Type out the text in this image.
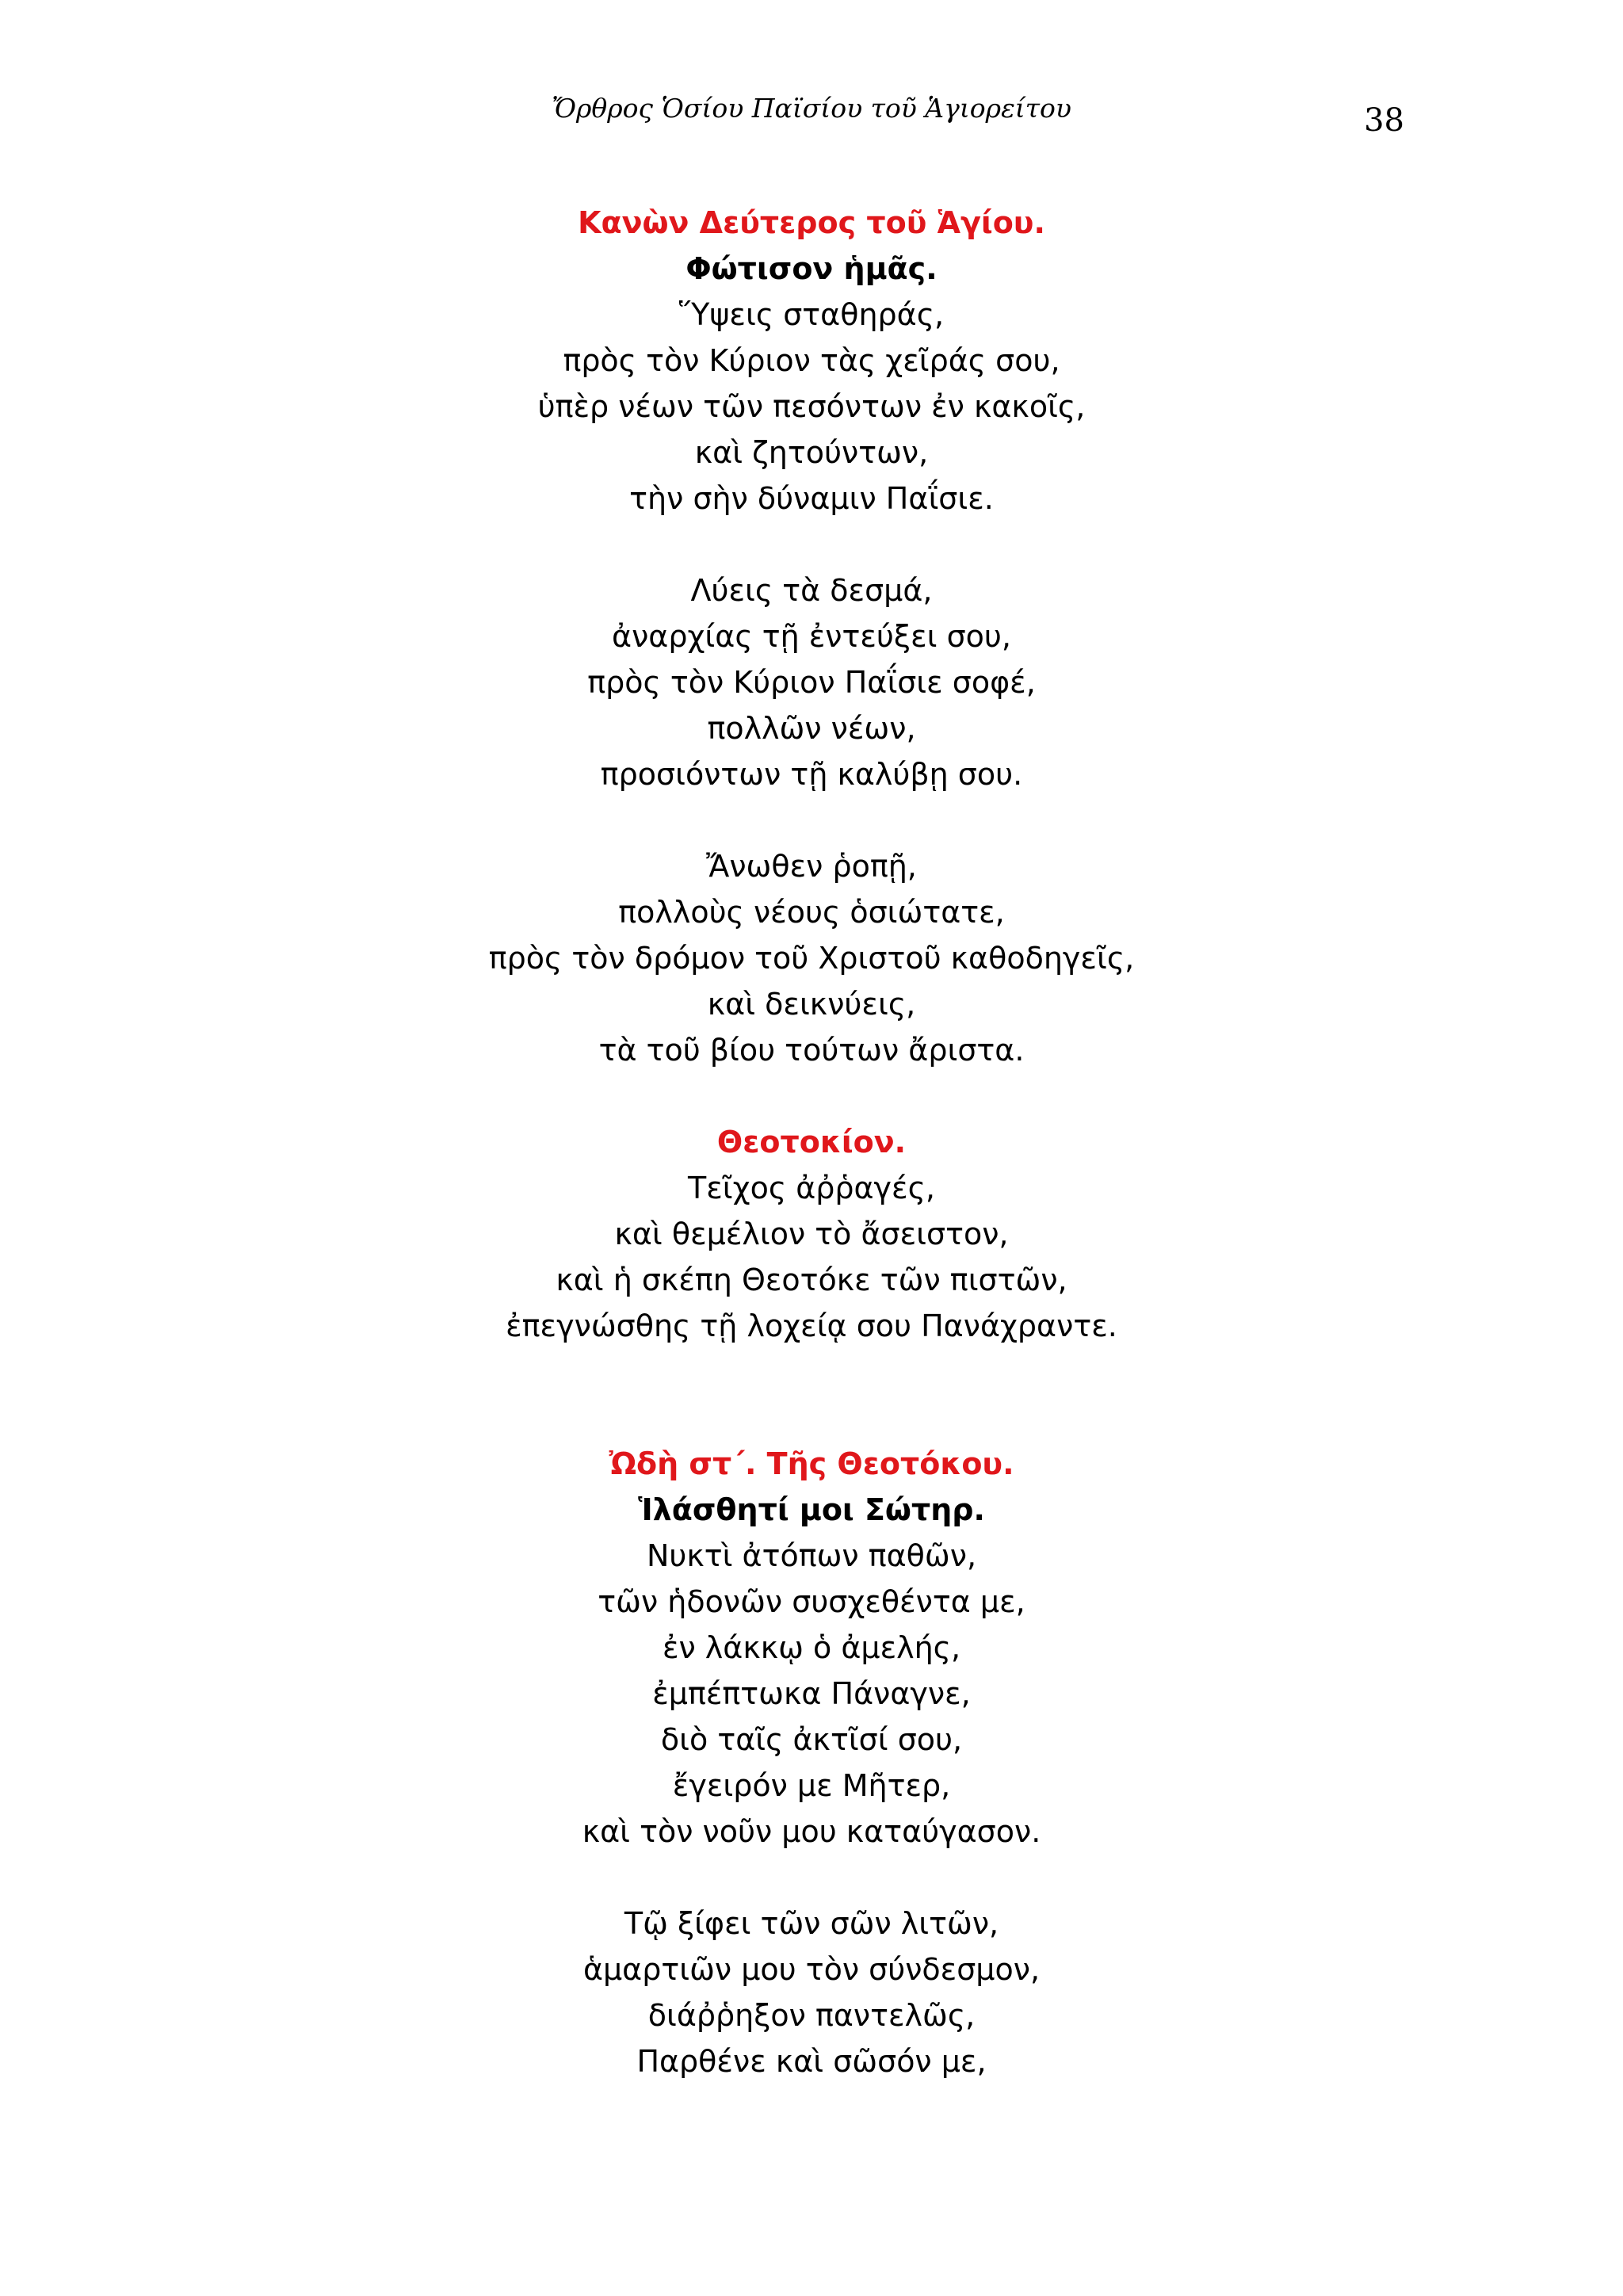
Ὄρθρος Ὁσίου Παϊσίου τοῦ Ἁγιορείτου	38
Κανὼν Δεύτερος τοῦ Ἁγίου.
Φώτισον ἡμᾶς.
Ὕψεις σταθηράς,
πρὸς τὸν Κύριον τὰς χεῖράς σου,
ὑπὲρ νέων τῶν πεσόντων ἐν κακοῖς,
καὶ ζητούντων,
τὴν σὴν δύναμιν Παΐσιε.
Λύεις τὰ δεσμά,
ἀναρχίας τῇ ἐντεύξει σου,
πρὸς τὸν Κύριον Παΐσιε σοφέ,
πολλῶν νέων,
προσιόντων τῇ καλύβῃ σου.
Ἄνωθεν ῥοπῇ,
πολλοὺς νέους ὁσιώτατε,
πρὸς τὸν δρόμον τοῦ Χριστοῦ καθοδηγεῖς,
καὶ δεικνύεις,
τὰ τοῦ βίου τούτων ἄριστα.
Θεοτοκίον.
Τεῖχος ἀῤῥαγές,
καὶ θεμέλιον τὸ ἄσειστον,
καὶ ἡ σκέπη Θεοτόκε τῶν πιστῶν,
ἐπεγνώσθης τῇ λοχείᾳ σου Πανάχραντε.
Ὠδὴ στ΄. Τῆς Θεοτόκου.
Ἱλάσθητί μοι Σώτηρ.
Νυκτὶ ἀτόπων παθῶν,
τῶν ἡδονῶν συσχεθέντα με,
ἐν λάκκῳ ὁ ἀμελής,
ἐμπέπτωκα Πάναγνε,
διὸ ταῖς ἀκτῖσί σου,
ἔγειρόν με Μῆτερ,
καὶ τὸν νοῦν μου καταύγασον.
Τῷ ξίφει τῶν σῶν λιτῶν,
ἁμαρτιῶν μου τὸν σύνδεσμον,
διάῤῥηξον παντελῶς,
Παρθένε καὶ σῶσόν με,
